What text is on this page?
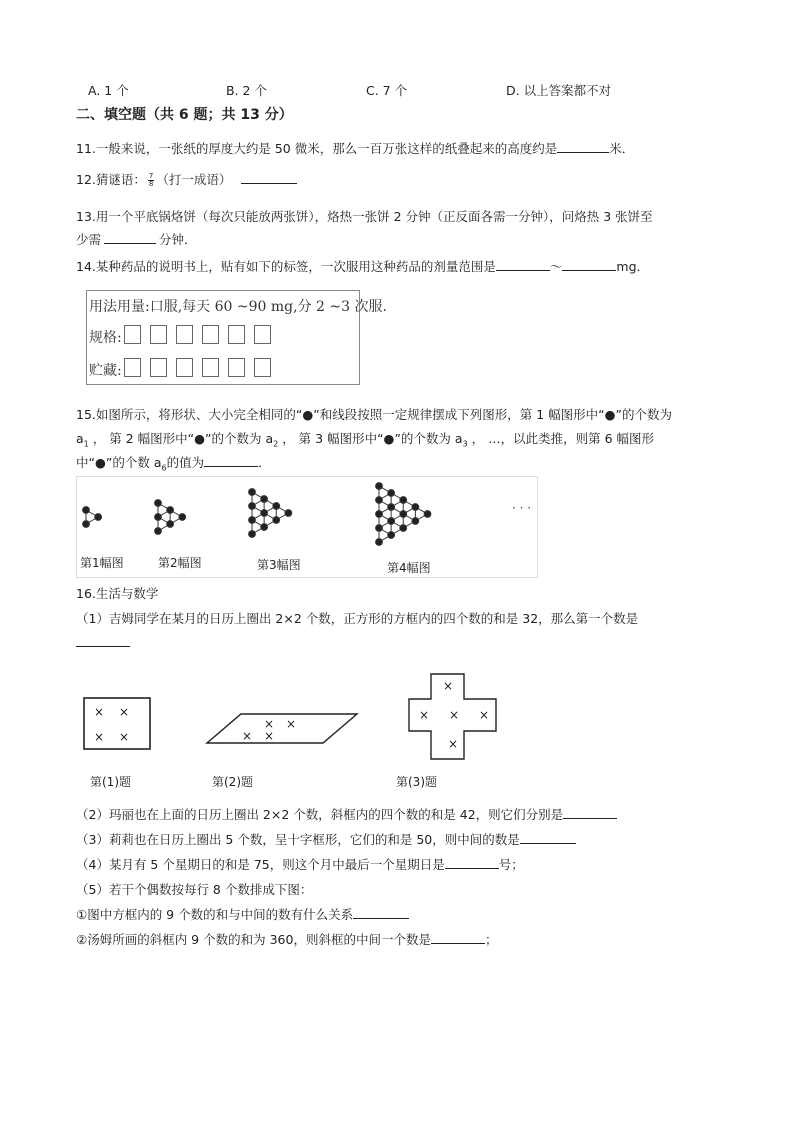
A. 1 个	B. 2 个	C. 7 个	D. 以上答案都不对
二、填空题（共 6 题；共 13 分）
11.一般来说，一张纸的厚度大约是 50 微米，那么一百万张这样的纸叠起来的高度约是	米．
12.猜谜语： $\frac{7}{8}$ （打一成语）
13.用一个平底锅烙饼（每次只能放两张饼），烙热一张饼 2 分钟（正反面各需一分钟），问烙热 3 张饼至
少需	分钟．
14.某种药品的说明书上，贴有如下的标签，一次服用这种药品的剂量范围是	～	mg．
用法用量:口服,每天 60 ~90 mg,分 2 ~3 次服.
规格:
贮藏:
15.如图所示，将形状、大小完全相同的“●”和线段按照一定规律摆成下列图形，第 1 幅图形中“●”的个数为
$a_1$ ， 第 2 幅图形中“●”的个数为 $a_2$ ， 第 3 幅图形中“●”的个数为 $a_3$ ， …，以此类推，则第 6 幅图形
中“●”的个数 $a_6$的值为	．
第1幅图	第2幅图	第3幅图	第4幅图
· · ·
16.生活与数学
（1）吉姆同学在某月的日历上圈出 2×2 个数，正方形的方框内的四个数的和是 32，那么第一个数是
× ×
× ×
× ×
× ×
×
× × ×
×
第(1)题	第(2)题	第(3)题
（2）玛丽也在上面的日历上圈出 2×2 个数，斜框内的四个数的和是 42，则它们分别是
（3）莉莉也在日历上圈出 5 个数，呈十字框形，它们的和是 50，则中间的数是
（4）某月有 5 个星期日的和是 75，则这个月中最后一个星期日是	号；
（5）若干个偶数按每行 8 个数排成下图：
①图中方框内的 9 个数的和与中间的数有什么关系
②汤姆所画的斜框内 9 个数的和为 360，则斜框的中间一个数是	；
